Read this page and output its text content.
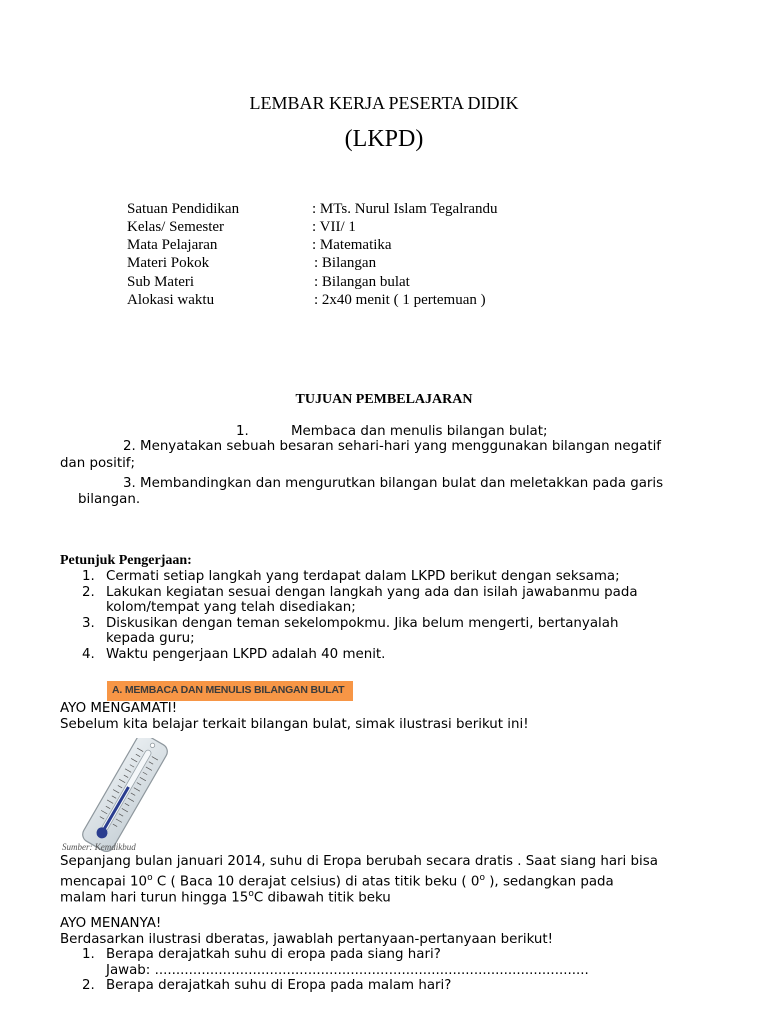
LEMBAR KERJA PESERTA DIDIK
(LKPD)
Satuan Pendidikan	: MTs. Nurul Islam Tegalrandu
Kelas/ Semester	: VII/ 1
Mata Pelajaran	: Matematika
Materi Pokok	: Bilangan
Sub Materi	: Bilangan bulat
Alokasi waktu	: 2x40 menit ( 1 pertemuan )
TUJUAN PEMBELAJARAN
1.	Membaca dan menulis bilangan bulat;
2. Menyatakan sebuah besaran sehari-hari yang menggunakan bilangan negatif
dan positif;
3. Membandingkan dan mengurutkan bilangan bulat dan meletakkan pada garis
bilangan.
Petunjuk Pengerjaan:
1. Cermati setiap langkah yang terdapat dalam LKPD berikut dengan seksama;
2. Lakukan kegiatan sesuai dengan langkah yang ada dan isilah jawabanmu pada
kolom/tempat yang telah disediakan;
3. Diskusikan dengan teman sekelompokmu. Jika belum mengerti, bertanyalah
kepada guru;
4. Waktu pengerjaan LKPD adalah 40 menit.
A. MEMBACA DAN MENULIS BILANGAN BULAT
AYO MENGAMATI!
Sebelum kita belajar terkait bilangan bulat, simak ilustrasi berikut ini!
Sumber: Kemdikbud
Sepanjang bulan januari 2014, suhu di Eropa berubah secara dratis . Saat siang hari bisa
mencapai 10$^o$ C ( Baca 10 derajat celsius) di atas titik beku ( 0$^o$ ), sedangkan pada
malam hari turun hingga 15$^o$C dibawah titik beku
AYO MENANYA!
Berdasarkan ilustrasi dberatas, jawablah pertanyaan-pertanyaan berikut!
1. Berapa derajatkah suhu di eropa pada siang hari?
Jawab: ......................................................................................................
2. Berapa derajatkah suhu di Eropa pada malam hari?
